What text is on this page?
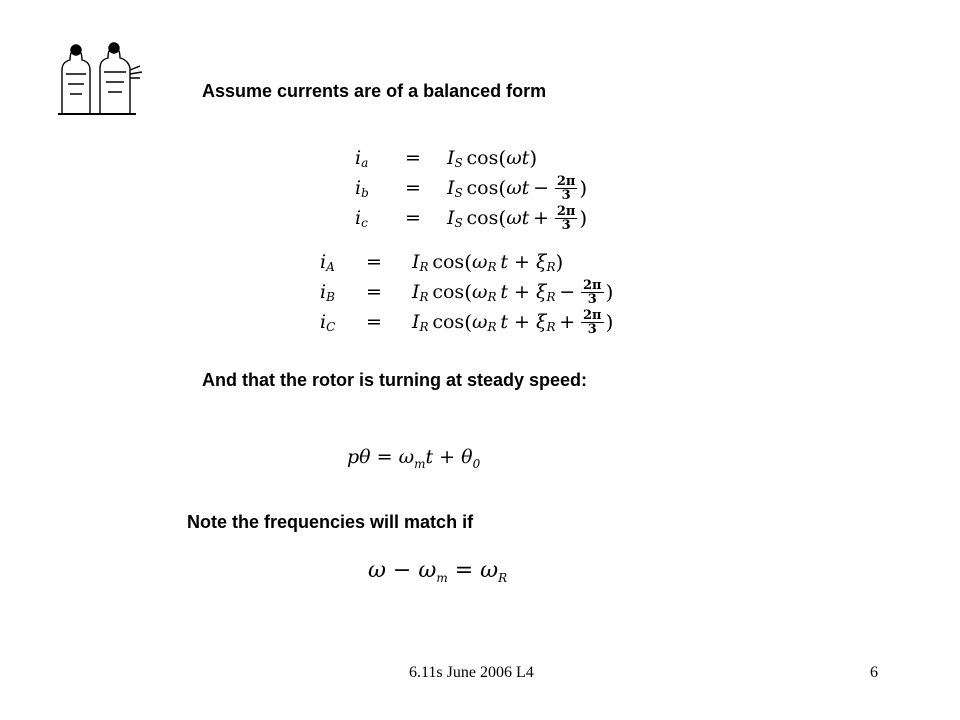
Assume currents are of a balanced form
i a = I S  cos ( ωt )
i b = I S  cos ( $\omega t - \frac{2\pi}{3}$ )
i c = I S  cos ( $\omega t + \frac{2\pi}{3}$ )
i A = I R  cos ( ω R  t + ξ R )
i B = I R  cos ( ω R  t + ξ $R - \frac{2\pi}{3}$ )
i C = I R  cos ( ω R  t + ξ $R + \frac{2\pi}{3}$ )
And that the rotor is turning at steady speed:
$p\theta = \omega_mt + \theta_0$
Note the frequencies will match if
$\omega - \omega_m = \omega_R$
6.11s June 2006 L4	6
